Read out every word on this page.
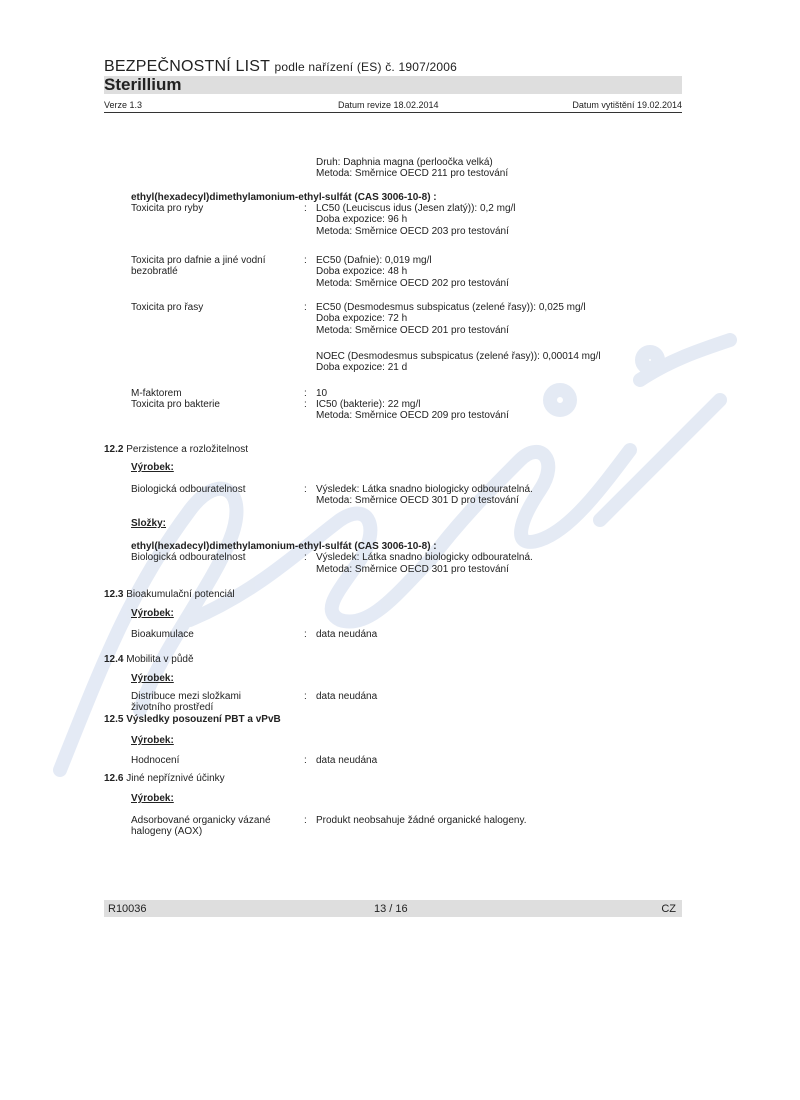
BEZPEČNOSTNÍ LIST podle nařízení (ES) č. 1907/2006
Sterillium
Verze 1.3	Datum revize 18.02.2014	Datum vytištění 19.02.2014
Druh: Daphnia magna (perloočka velká)
Metoda: Směrnice OECD 211 pro testování
ethyl(hexadecyl)dimethylamonium-ethyl-sulfát (CAS 3006-10-8) :
Toxicita pro ryby	: LC50 (Leuciscus idus (Jesen zlatý)): 0,2 mg/l
Doba expozice: 96 h
Metoda: Směrnice OECD 203 pro testování
Toxicita pro dafnie a jiné vodní
bezobratlé
: EC50 (Dafnie): 0,019 mg/l
Doba expozice: 48 h
Metoda: Směrnice OECD 202 pro testování
Toxicita pro řasy	: EC50 (Desmodesmus subspicatus (zelené řasy)): 0,025 mg/l
Doba expozice: 72 h
Metoda: Směrnice OECD 201 pro testování
NOEC (Desmodesmus subspicatus (zelené řasy)): 0,00014 mg/l
Doba expozice: 21 d
M-faktorem	: 10
Toxicita pro bakterie	: IC50 (bakterie): 22 mg/l
Metoda: Směrnice OECD 209 pro testování
12.2 Perzistence a rozložitelnost
Výrobek:
Biologická odbouratelnost	: Výsledek: Látka snadno biologicky odbouratelná.
Metoda: Směrnice OECD 301 D pro testování
Složky:
ethyl(hexadecyl)dimethylamonium-ethyl-sulfát (CAS 3006-10-8) :
Biologická odbouratelnost	: Výsledek: Látka snadno biologicky odbouratelná.
Metoda: Směrnice OECD 301 pro testování
12.3 Bioakumulační potenciál
Výrobek:
Bioakumulace	: data neudána
12.4 Mobilita v půdě
Výrobek:
Distribuce mezi složkami
životního prostředí
: data neudána
12.5 Výsledky posouzení PBT a vPvB
Výrobek:
Hodnocení	: data neudána
12.6 Jiné nepříznivé účinky
Výrobek:
Adsorbované organicky vázané
halogeny (AOX)
: Produkt neobsahuje žádné organické halogeny.
R10036	13 / 16	CZ
